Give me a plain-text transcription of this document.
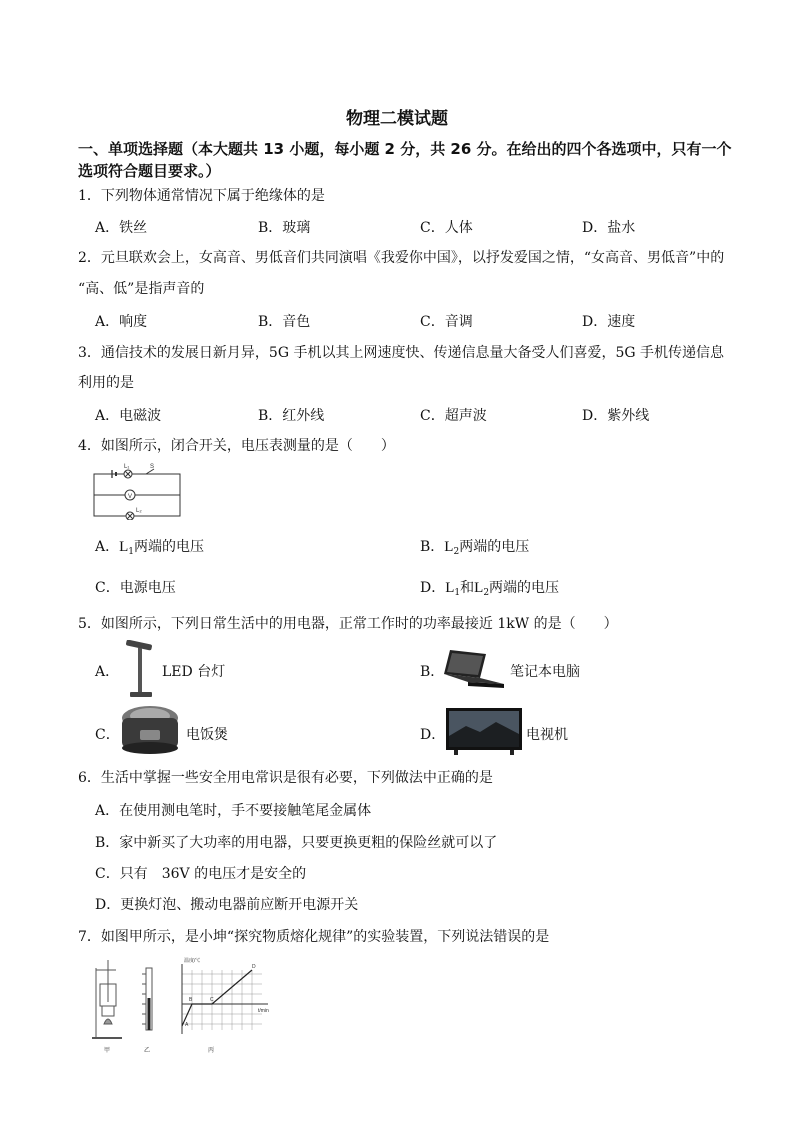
物理二模试题
一、单项选择题（本大题共 13 小题，每小题 2 分，共 26 分。在给出的四个各选项中，只有一个
选项符合题目要求。）
1．下列物体通常情况下属于绝缘体的是
A．铁丝	B．玻璃	C．人体	D．盐水
2．元旦联欢会上，女高音、男低音们共同演唱《我爱你中国》，以抒发爱国之情，“女高音、男低音”中的
“高、低”是指声音的
A．响度	B．音色	C．音调	D．速度
3．通信技术的发展日新月异，5G 手机以其上网速度快、传递信息量大备受人们喜爱，5G 手机传递信息
利用的是
A．电磁波	B．红外线	C．超声波	D．紫外线
4．如图所示，闭合开关，电压表测量的是（　　）
L₁	S
V
L₂
A．$L_1$两端的电压	B．$L_2$两端的电压
C．电源电压	D．$L_1$和$L_2$两端的电压
5．如图所示，下列日常生活中的用电器，正常工作时的功率最接近 1kW 的是（　　）
A．	LED 台灯	B．	笔记本电脑
C．	电饭煲	D．	电视机
6．生活中掌握一些安全用电常识是很有必要，下列做法中正确的是
A．在使用测电笔时，手不要接触笔尾金属体
B．家中新买了大功率的用电器，只要更换更粗的保险丝就可以了
C．只有　36V 的电压才是安全的
D．更换灯泡、搬动电器前应断开电源开关
7．如图甲所示，是小坤“探究物质熔化规律”的实验装置，下列说法错误的是
温度/℃
t/min
A
B	C
D
甲	乙	丙
